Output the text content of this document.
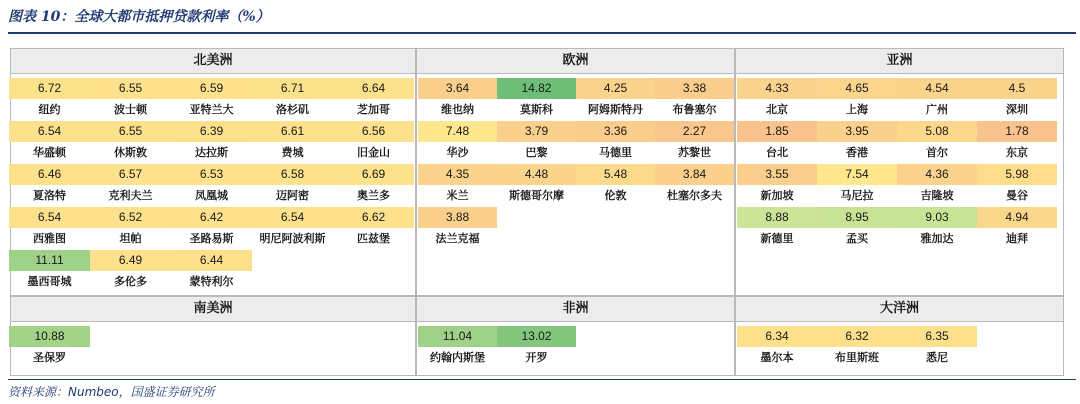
图表 10：全球大都市抵押贷款利率（%）
北美洲
6.72
纽约
6.55
波士顿
6.59
亚特兰大
6.71
洛杉矶
6.64
芝加哥
6.54
华盛顿
6.55
休斯敦
6.39
达拉斯
6.61
费城
6.56
旧金山
6.46
夏洛特
6.57
克利夫兰
6.53
凤凰城
6.58
迈阿密
6.69
奥兰多
6.54
西雅图
6.52
坦帕
6.42
圣路易斯
6.54
明尼阿波利斯
6.62
匹兹堡
11.11
墨西哥城
6.49
多伦多
6.44
蒙特利尔
欧洲
3.64
维也纳
14.82
莫斯科
4.25
阿姆斯特丹
3.38
布鲁塞尔
7.48
华沙
3.79
巴黎
3.36
马德里
2.27
苏黎世
4.35
米兰
4.48
斯德哥尔摩
5.48
伦敦
3.84
杜塞尔多夫
3.88
法兰克福
亚洲
4.33
北京
4.65
上海
4.54
广州
4.5
深圳
1.85
台北
3.95
香港
5.08
首尔
1.78
东京
3.55
新加坡
7.54
马尼拉
4.36
吉隆坡
5.98
曼谷
8.88
新德里
8.95
孟买
9.03
雅加达
4.94
迪拜
南美洲
10.88
圣保罗
非洲
11.04
约翰内斯堡
13.02
开罗
大洋洲
6.34
墨尔本
6.32
布里斯班
6.35
悉尼
资料来源：Numbeo，国盛证券研究所
